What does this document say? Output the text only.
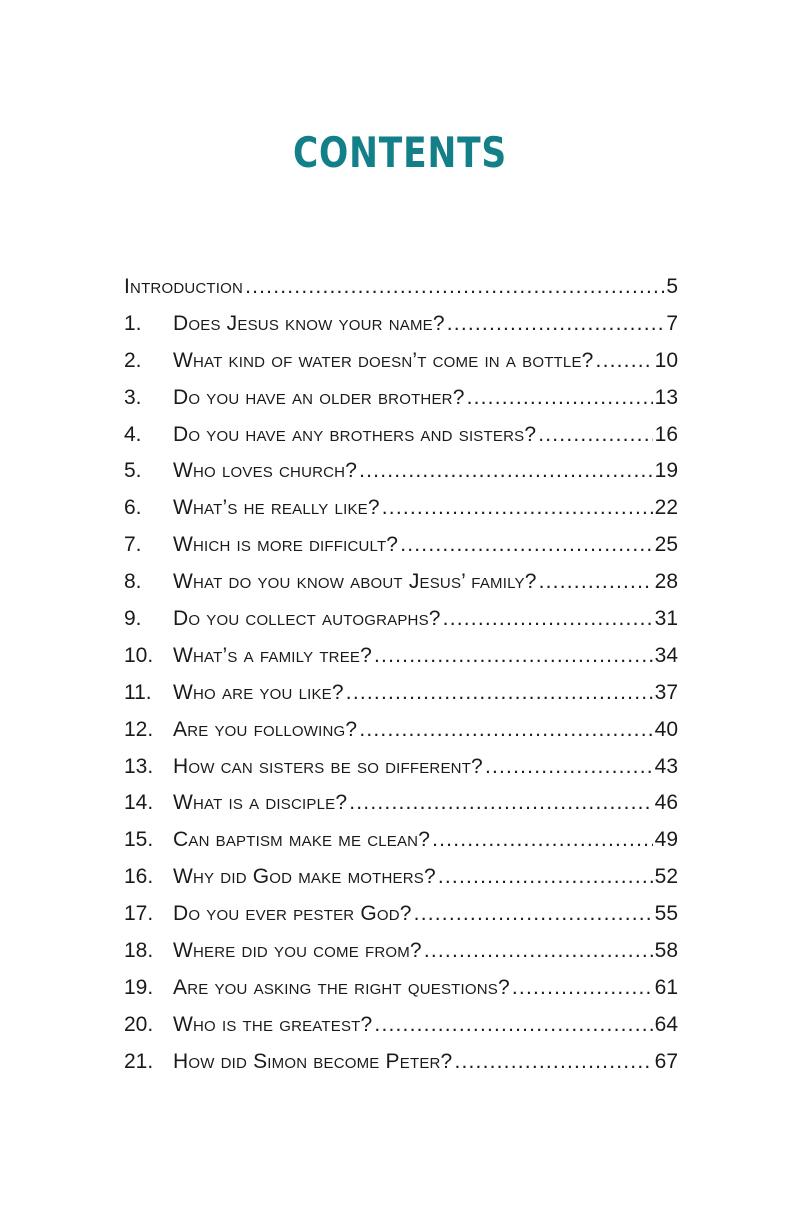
CONTENTS
Introduction .....	5
1.	Does Jesus know your name? .....	7
2.	What kind of water doesn’t come in a bottle? .....	10
3.	Do you have an older brother? .....	13
4.	Do you have any brothers and sisters? .....	16
5.	Who loves church? .....	19
6.	What’s he really like? .....	22
7.	Which is more difficult? .....	25
8.	What do you know about Jesus’ family? .....	28
9.	Do you collect autographs? .....	31
10. What’s a family tree? .....	34
11.	Who are you like? .....	37
12. Are you following? .....	40
13. How can sisters be so different? .....	43
14. What is a disciple? .....	46
15. Can baptism make me clean? .....	49
16. Why did God make mothers? .....	52
17. Do you ever pester God? .....	55
18. Where did you come from? .....	58
19. Are you asking the right questions? .....	61
20. Who is the greatest? .....	64
21. How did Simon become Peter? .....	67
